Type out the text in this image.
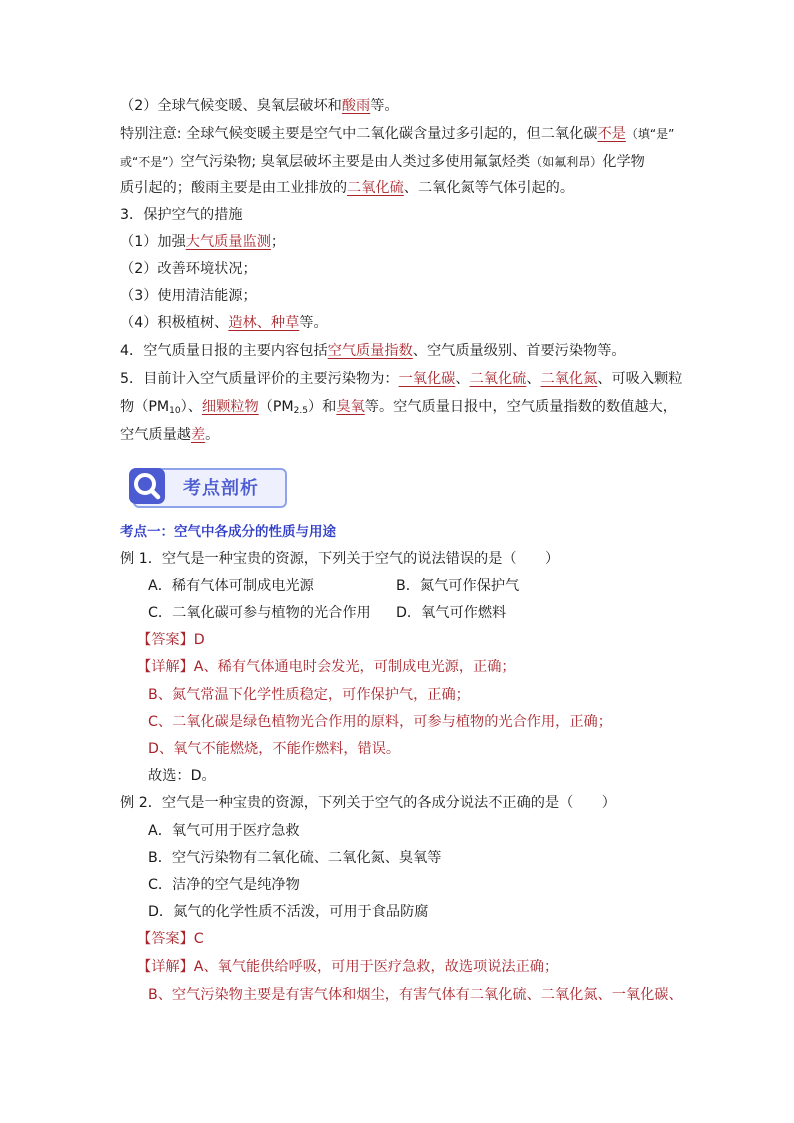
（2）全球气候变暖、臭氧层破坏和酸雨等。
特别注意: 全球气候变暖主要是空气中二氧化碳含量过多引起的，但二氧化碳不是（填“是”
或“不是”）空气污染物; 臭氧层破坏主要是由人类过多使用氟氯烃类（如氟利昂）化学物
质引起的；酸雨主要是由工业排放的二氧化硫、二氧化氮等气体引起的。
3．保护空气的措施
（1）加强大气质量监测；
（2）改善环境状况；
（3）使用清洁能源；
（4）积极植树、造林、种草等。
4．空气质量日报的主要内容包括空气质量指数、空气质量级别、首要污染物等。
5．目前计入空气质量评价的主要污染物为：一氧化碳、二氧化硫、二氧化氮、可吸入颗粒
物$(PM_{10})$、细颗粒物$(PM_{2.5})$和臭氧等。空气质量日报中，空气质量指数的数值越大，
空气质量越差。
考点剖析
考点一：空气中各成分的性质与用途
例 1．空气是一种宝贵的资源，下列关于空气的说法错误的是（　　）
A．稀有气体可制成电光源	B．氮气可作保护气
C．二氧化碳可参与植物的光合作用 D．氧气可作燃料
【答案】D
【详解】A、稀有气体通电时会发光，可制成电光源，正确；
B、氮气常温下化学性质稳定，可作保护气，正确；
C、二氧化碳是绿色植物光合作用的原料，可参与植物的光合作用，正确；
D、氧气不能燃烧，不能作燃料，错误。
故选：D。
例 2．空气是一种宝贵的资源，下列关于空气的各成分说法不正确的是（　　）
A．氧气可用于医疗急救
B．空气污染物有二氧化硫、二氧化氮、臭氧等
C．洁净的空气是纯净物
D．氮气的化学性质不活泼，可用于食品防腐
【答案】C
【详解】A、氧气能供给呼吸，可用于医疗急救，故选项说法正确；
B、空气污染物主要是有害气体和烟尘，有害气体有二氧化硫、二氧化氮、一氧化碳、
